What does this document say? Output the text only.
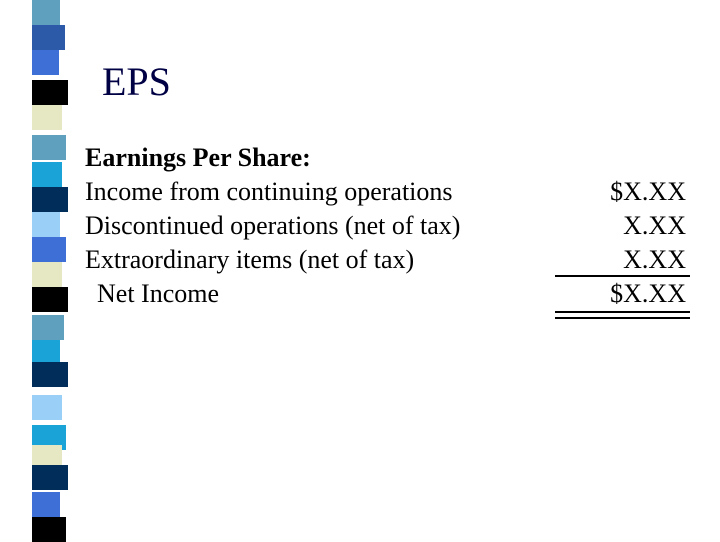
EPS
Earnings Per Share:
Income from continuing operations	$X.XX
Discontinued operations (net of tax)	X.XX
Extraordinary items (net of tax)	X.XX
Net Income	$X.XX
